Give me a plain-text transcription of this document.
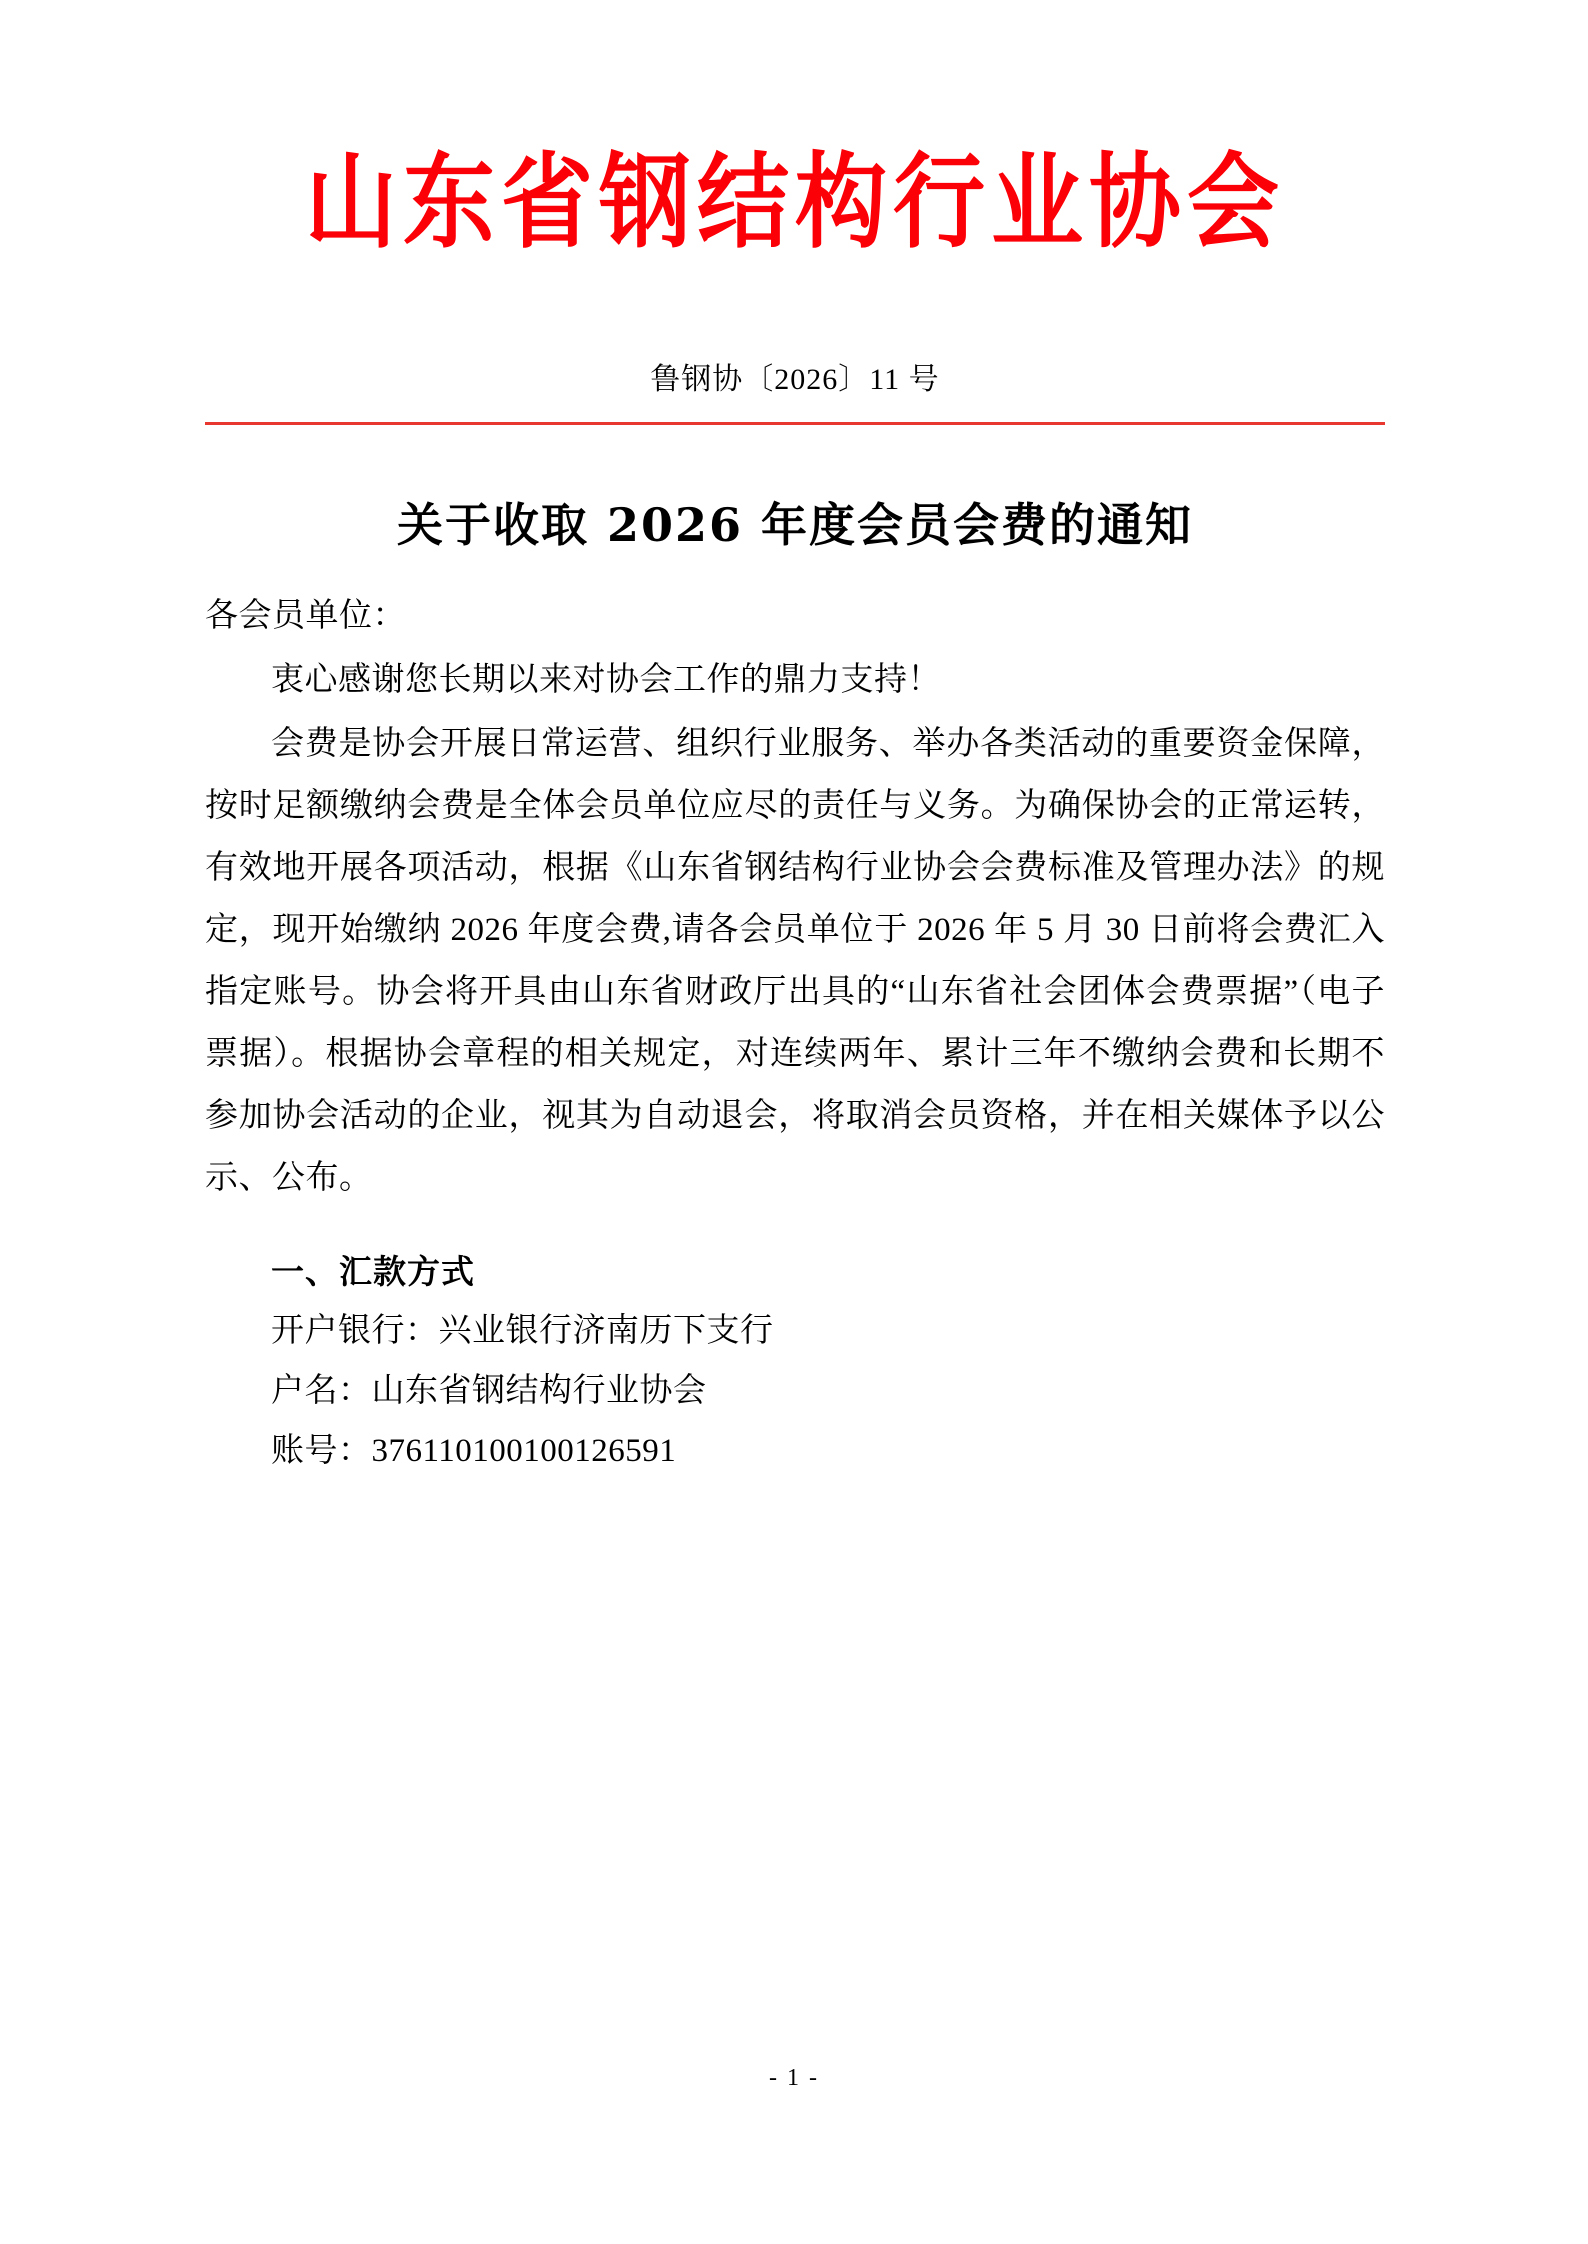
山东省钢结构行业协会
鲁钢协〔2026〕11 号
关于收取 2026 年度会员会费的通知

各会员单位：

衷心感谢您长期以来对协会工作的鼎力支持！

会费是协会开展日常运营、组织行业服务、举办各类活动的重要资金保障，按时足额缴纳会费是全体会员单位应尽的责任与义务。为确保协会的正常运转，有效地开展各项活动，根据《山东省钢结构行业协会会费标准及管理办法》的规定，现开始缴纳 2026 年度会费,请各会员单位于 2026 年 5 月 30 日前将会费汇入指定账号。协会将开具由山东省财政厅出具的“山东省社会团体会费票据”（电子票据）。根据协会章程的相关规定，对连续两年、累计三年不缴纳会费和长期不参加协会活动的企业，视其为自动退会，将取消会员资格，并在相关媒体予以公示、公布。

一、汇款方式

开户银行：兴业银行济南历下支行

户名：山东省钢结构行业协会

账号：376110100100126591

- 1 -
